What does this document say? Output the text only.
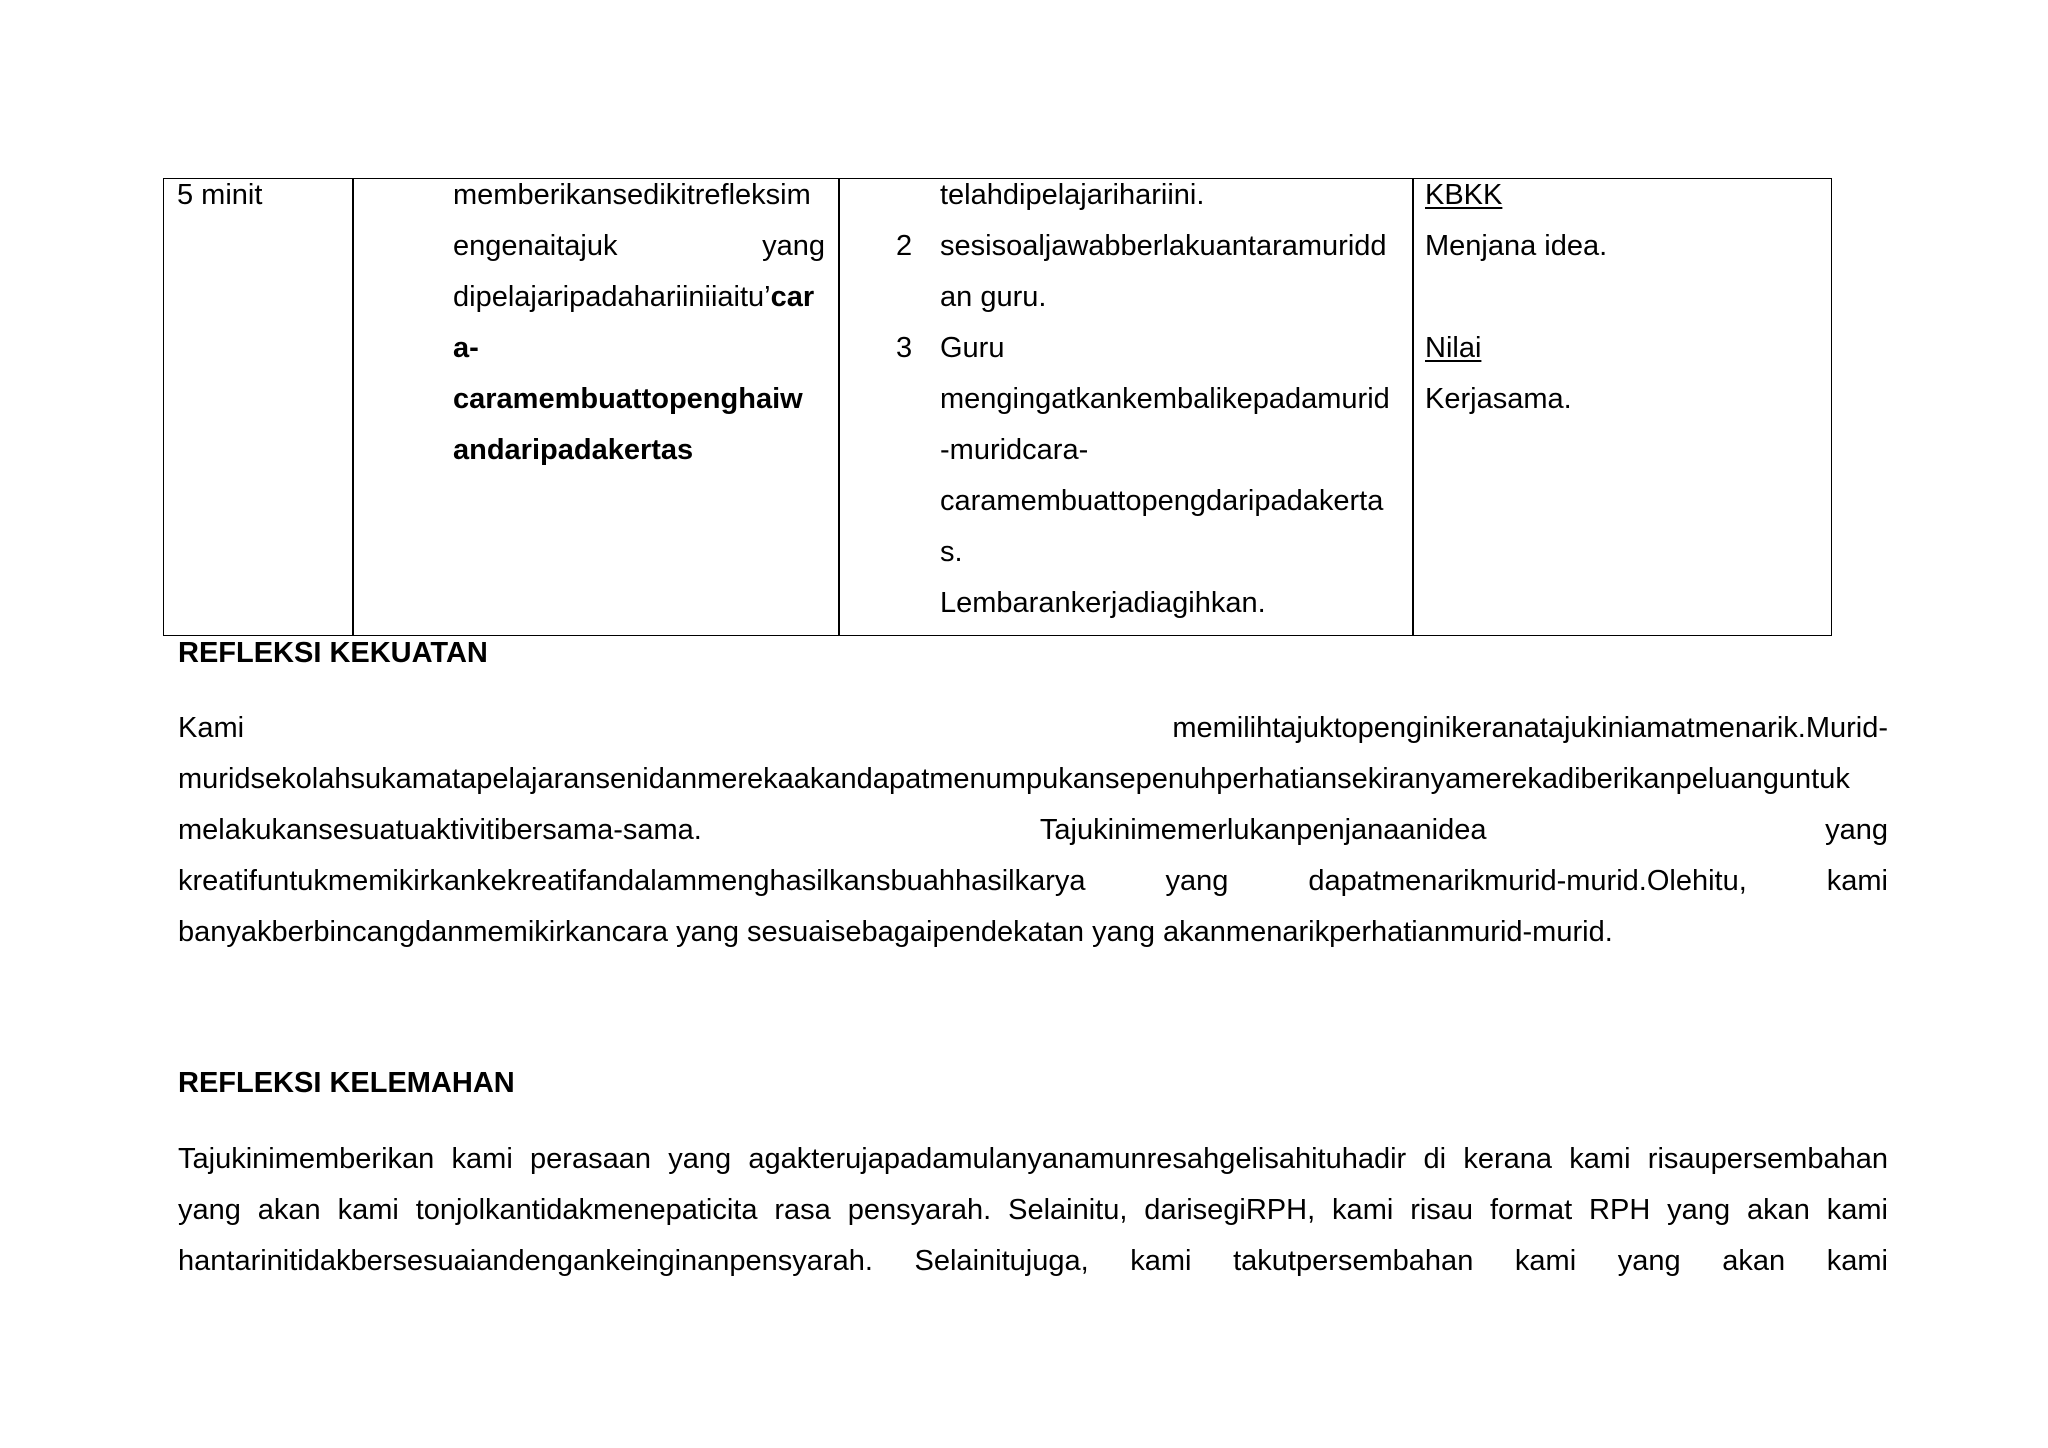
5 minit	memberikansedikitrefleksim
engenaitajuk yang
dipelajaripadahariiniiaitu’car
a-
caramembuattopenghaiw
andaripadakertas
telahdipelajarihariini.
2 sesisoaljawabberlakuantaramuridd
an guru.
3 Guru
mengingatkankembalikepadamurid
-muridcara-
caramembuattopengdaripadakerta
s.
Lembarankerjadiagihkan.
KBKK
Menjana idea.
Nilai
Kerjasama.
REFLEKSI KEKUATAN
Kami memilihtajuktopenginikeranatajukiniamatmenarik.Murid-
muridsekolahsukamatapelajaransenidanmerekaakandapatmenumpukansepenuhperhatiansekiranyamerekadiberikanpeluanguntuk
melakukansesuatuaktivitibersama-sama. Tajukinimemerlukanpenjanaanidea yang
kreatifuntukmemikirkankekreatifandalammenghasilkansbuahhasilkarya yang dapatmenarikmurid-murid.Olehitu, kami
banyakberbincangdanmemikirkancara yang sesuaisebagaipendekatan yang akanmenarikperhatianmurid-murid.
REFLEKSI KELEMAHAN
Tajukinimemberikan kami perasaan yang agakterujapadamulanyanamunresahgelisahituhadir di kerana kami risaupersembahan
yang akan kami tonjolkantidakmenepaticita rasa pensyarah. Selainitu, darisegiRPH, kami risau format RPH yang akan kami
hantarinitidakbersesuaiandengankeinginanpensyarah. Selainitujuga, kami takutpersembahan kami yang akan kami
